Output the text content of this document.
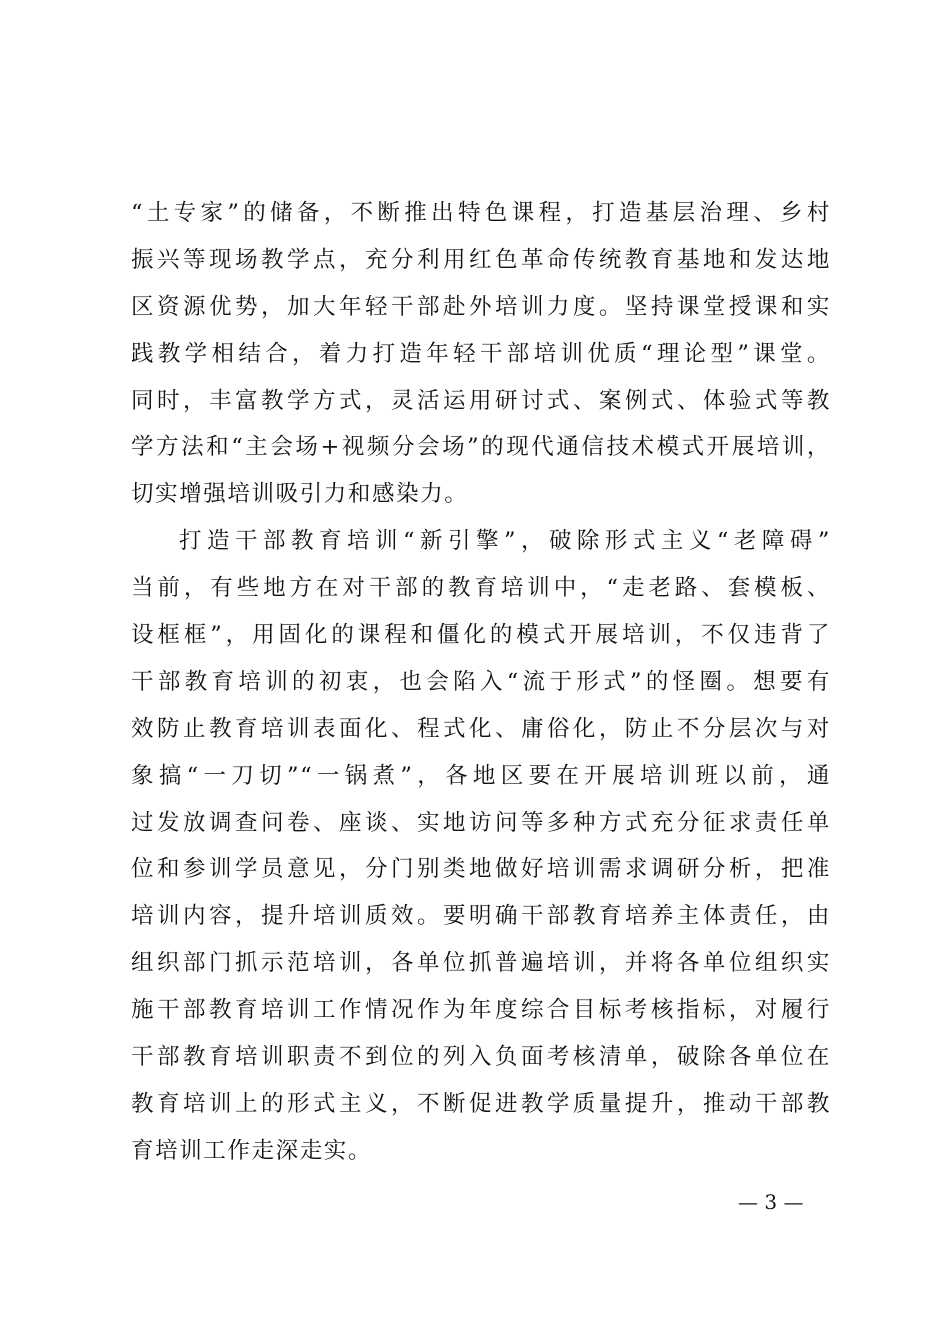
“土专家”的储备，不断推出特色课程，打造基层治理、乡村
振兴等现场教学点，充分利用红色革命传统教育基地和发达地
区资源优势，加大年轻干部赴外培训力度。坚持课堂授课和实
践教学相结合，着力打造年轻干部培训优质“理论型”课堂。
同时，丰富教学方式，灵活运用研讨式、案例式、体验式等教
学方法和“主会场+视频分会场”的现代通信技术模式开展培训，
切实增强培训吸引力和感染力。
打造干部教育培训“新引擎”，破除形式主义“老障碍”
当前，有些地方在对干部的教育培训中，“走老路、套模板、
设框框”，用固化的课程和僵化的模式开展培训，不仅违背了
干部教育培训的初衷，也会陷入“流于形式”的怪圈。想要有
效防止教育培训表面化、程式化、庸俗化，防止不分层次与对
象搞“一刀切”“一锅煮”，各地区要在开展培训班以前，通
过发放调查问卷、座谈、实地访问等多种方式充分征求责任单
位和参训学员意见，分门别类地做好培训需求调研分析，把准
培训内容，提升培训质效。要明确干部教育培养主体责任，由
组织部门抓示范培训，各单位抓普遍培训，并将各单位组织实
施干部教育培训工作情况作为年度综合目标考核指标，对履行
干部教育培训职责不到位的列入负面考核清单，破除各单位在
教育培训上的形式主义，不断促进教学质量提升，推动干部教
育培训工作走深走实。
— 3 —
